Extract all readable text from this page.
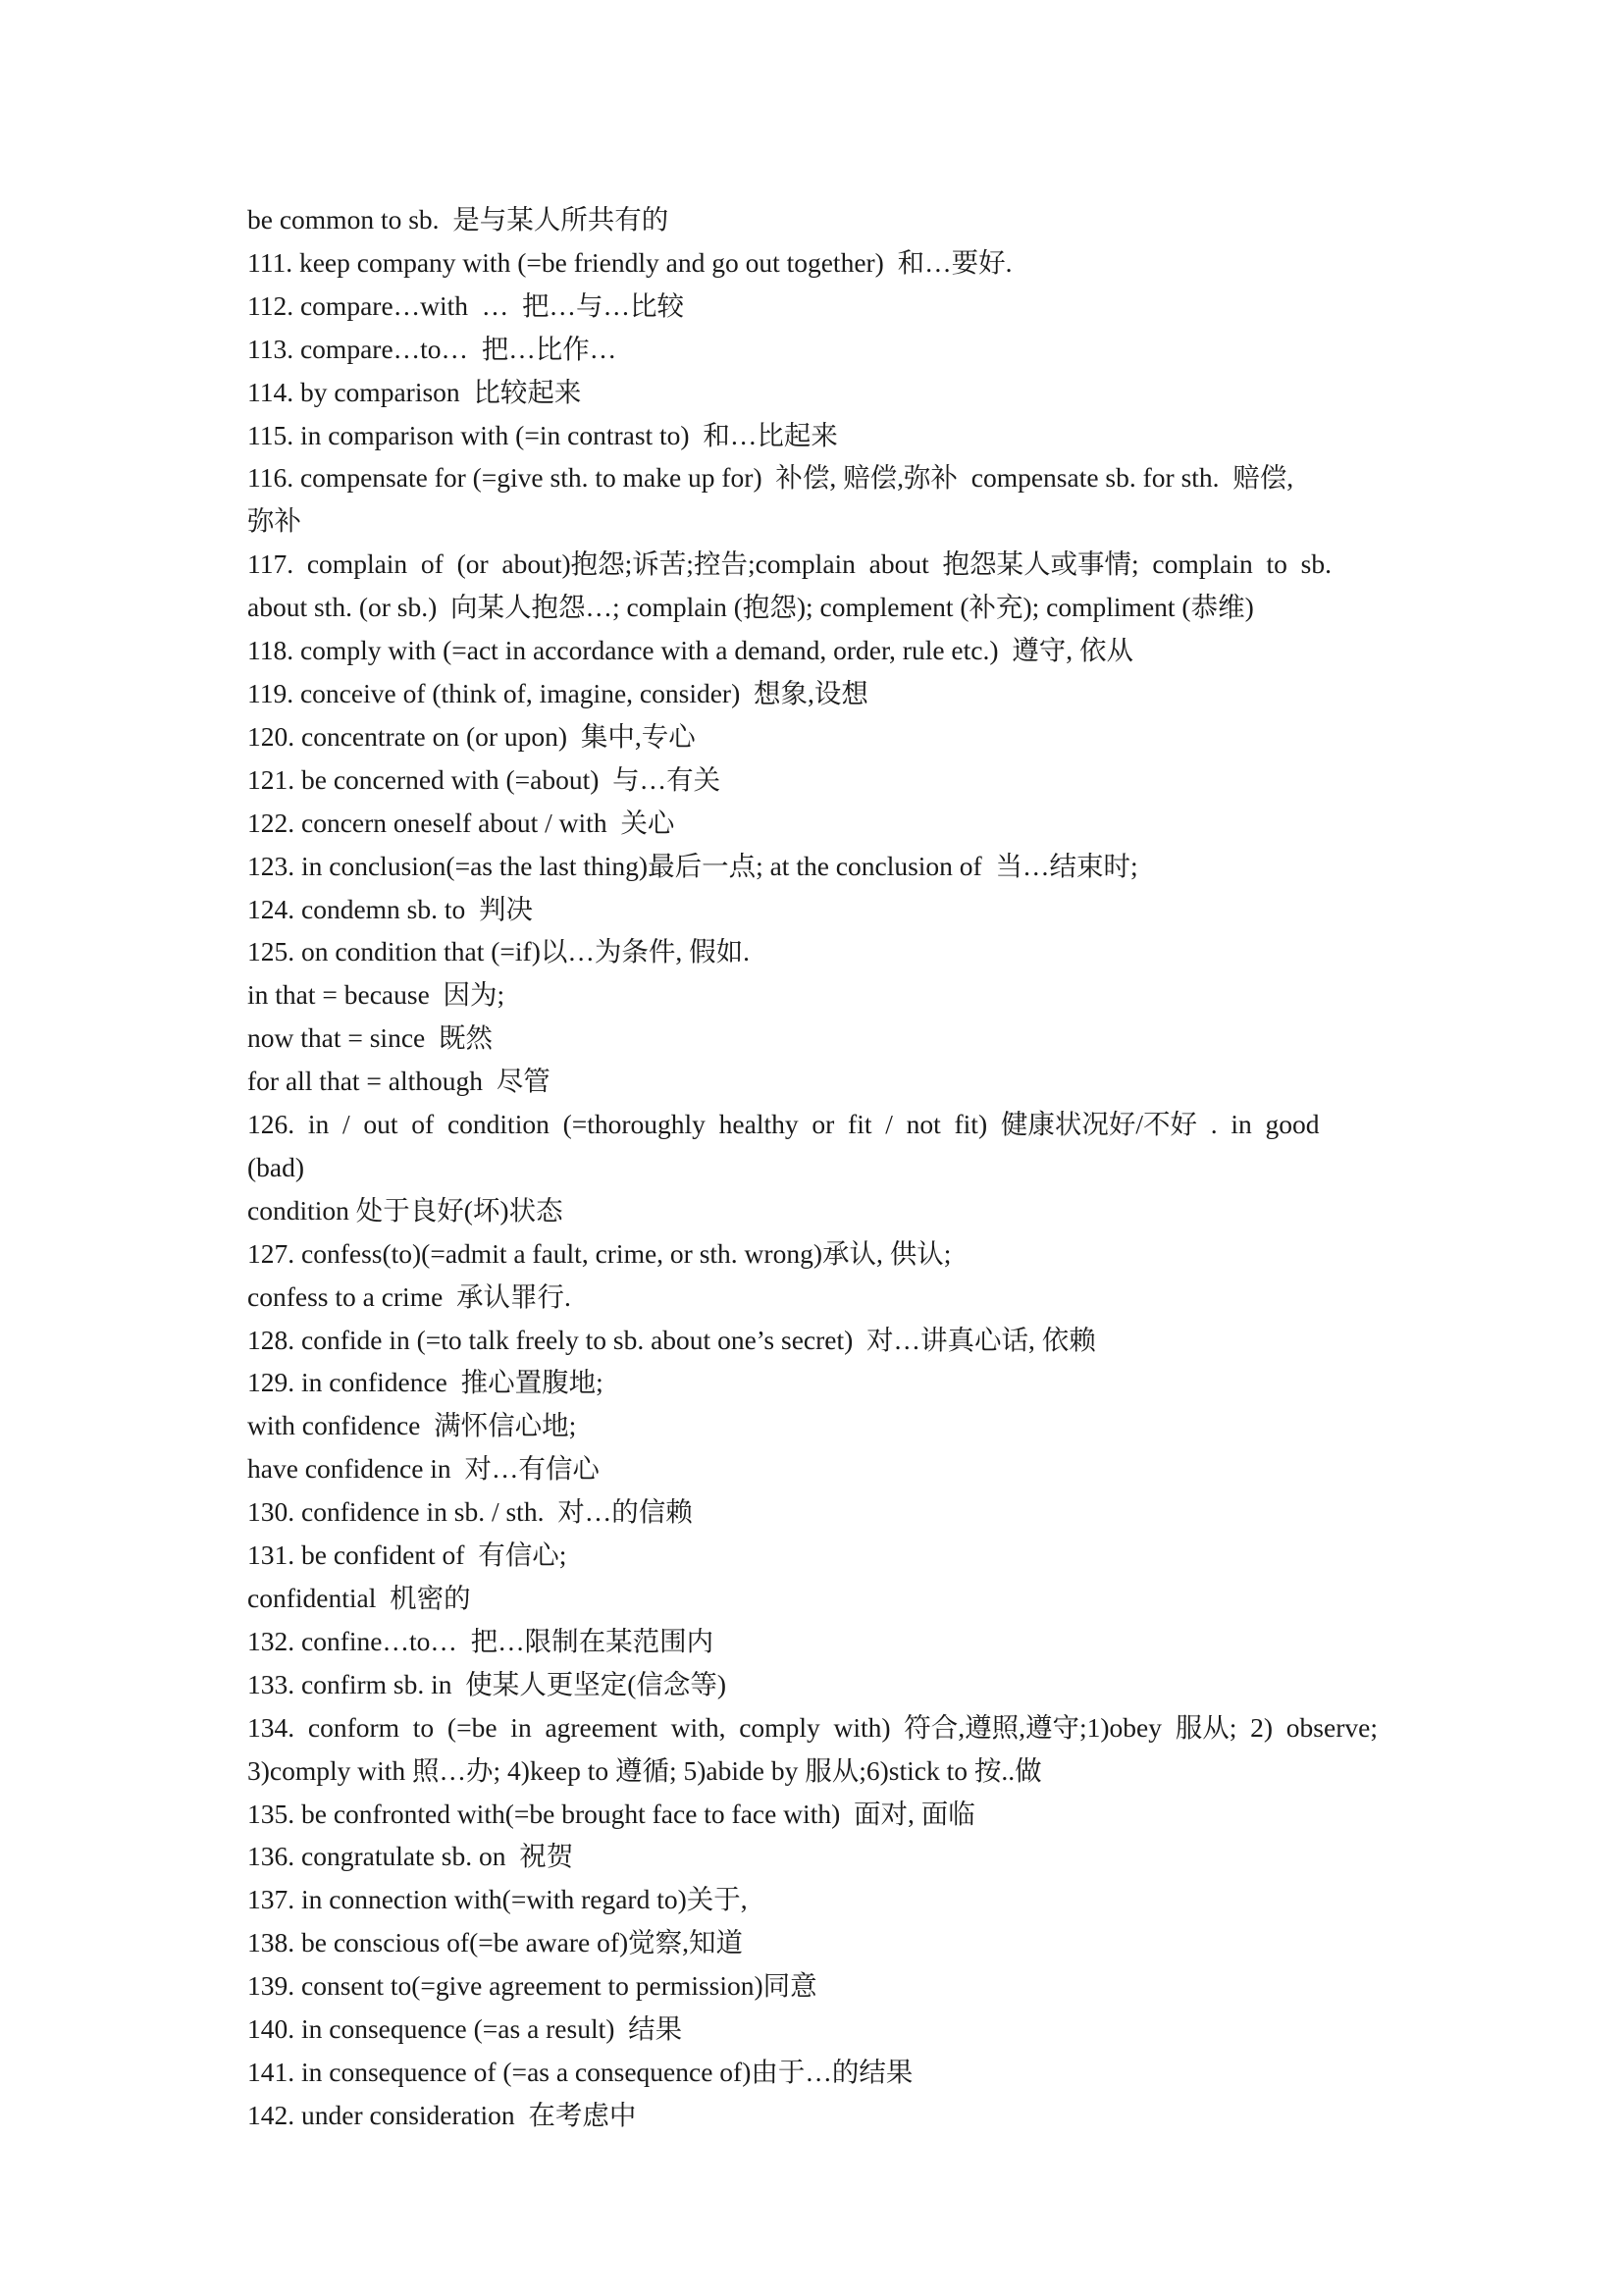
be common to sb.  是与某人所共有的
111. keep company with (=be friendly and go out together)  和…要好.
112. compare…with  …  把…与…比较
113. compare…to…  把…比作…
114. by comparison  比较起来
115. in comparison with (=in contrast to)  和…比起来
116. compensate for (=give sth. to make up for)  补偿, 赔偿,弥补  compensate sb. for sth.  赔偿,
弥补
117.  complain  of  (or  about)抱怨;诉苦;控告;complain  about  抱怨某人或事情;  complain  to  sb.
about sth. (or sb.)  向某人抱怨…; complain (抱怨); complement (补充); compliment (恭维)
118. comply with (=act in accordance with a demand, order, rule etc.)  遵守, 依从
119. conceive of (think of, imagine, consider)  想象,设想
120. concentrate on (or upon)  集中,专心
121. be concerned with (=about)  与…有关
122. concern oneself about / with  关心
123. in conclusion(=as the last thing)最后一点; at the conclusion of  当…结束时;
124. condemn sb. to  判决
125. on condition that (=if)以…为条件, 假如.
in that = because  因为;
now that = since  既然
for all that = although  尽管
126.  in  /  out  of  condition  (=thoroughly  healthy  or  fit  /  not  fit)  健康状况好/不好  .  in  good  (bad)
condition 处于良好(坏)状态
127. confess(to)(=admit a fault, crime, or sth. wrong)承认, 供认;
confess to a crime  承认罪行.
128. confide in (=to talk freely to sb. about one’s secret)  对…讲真心话, 依赖
129. in confidence  推心置腹地;
with confidence  满怀信心地;
have confidence in  对…有信心
130. confidence in sb. / sth.  对…的信赖
131. be confident of  有信心;
confidential  机密的
132. confine…to…  把…限制在某范围内
133. confirm sb. in  使某人更坚定(信念等)
134.  conform  to  (=be  in  agreement  with,  comply  with)  符合,遵照,遵守;1)obey  服从;  2)  observe;
3)comply with 照…办; 4)keep to 遵循; 5)abide by 服从;6)stick to 按..做
135. be confronted with(=be brought face to face with)  面对, 面临
136. congratulate sb. on  祝贺
137. in connection with(=with regard to)关于,
138. be conscious of(=be aware of)觉察,知道
139. consent to(=give agreement to permission)同意
140. in consequence (=as a result)  结果
141. in consequence of (=as a consequence of)由于…的结果
142. under consideration  在考虑中
